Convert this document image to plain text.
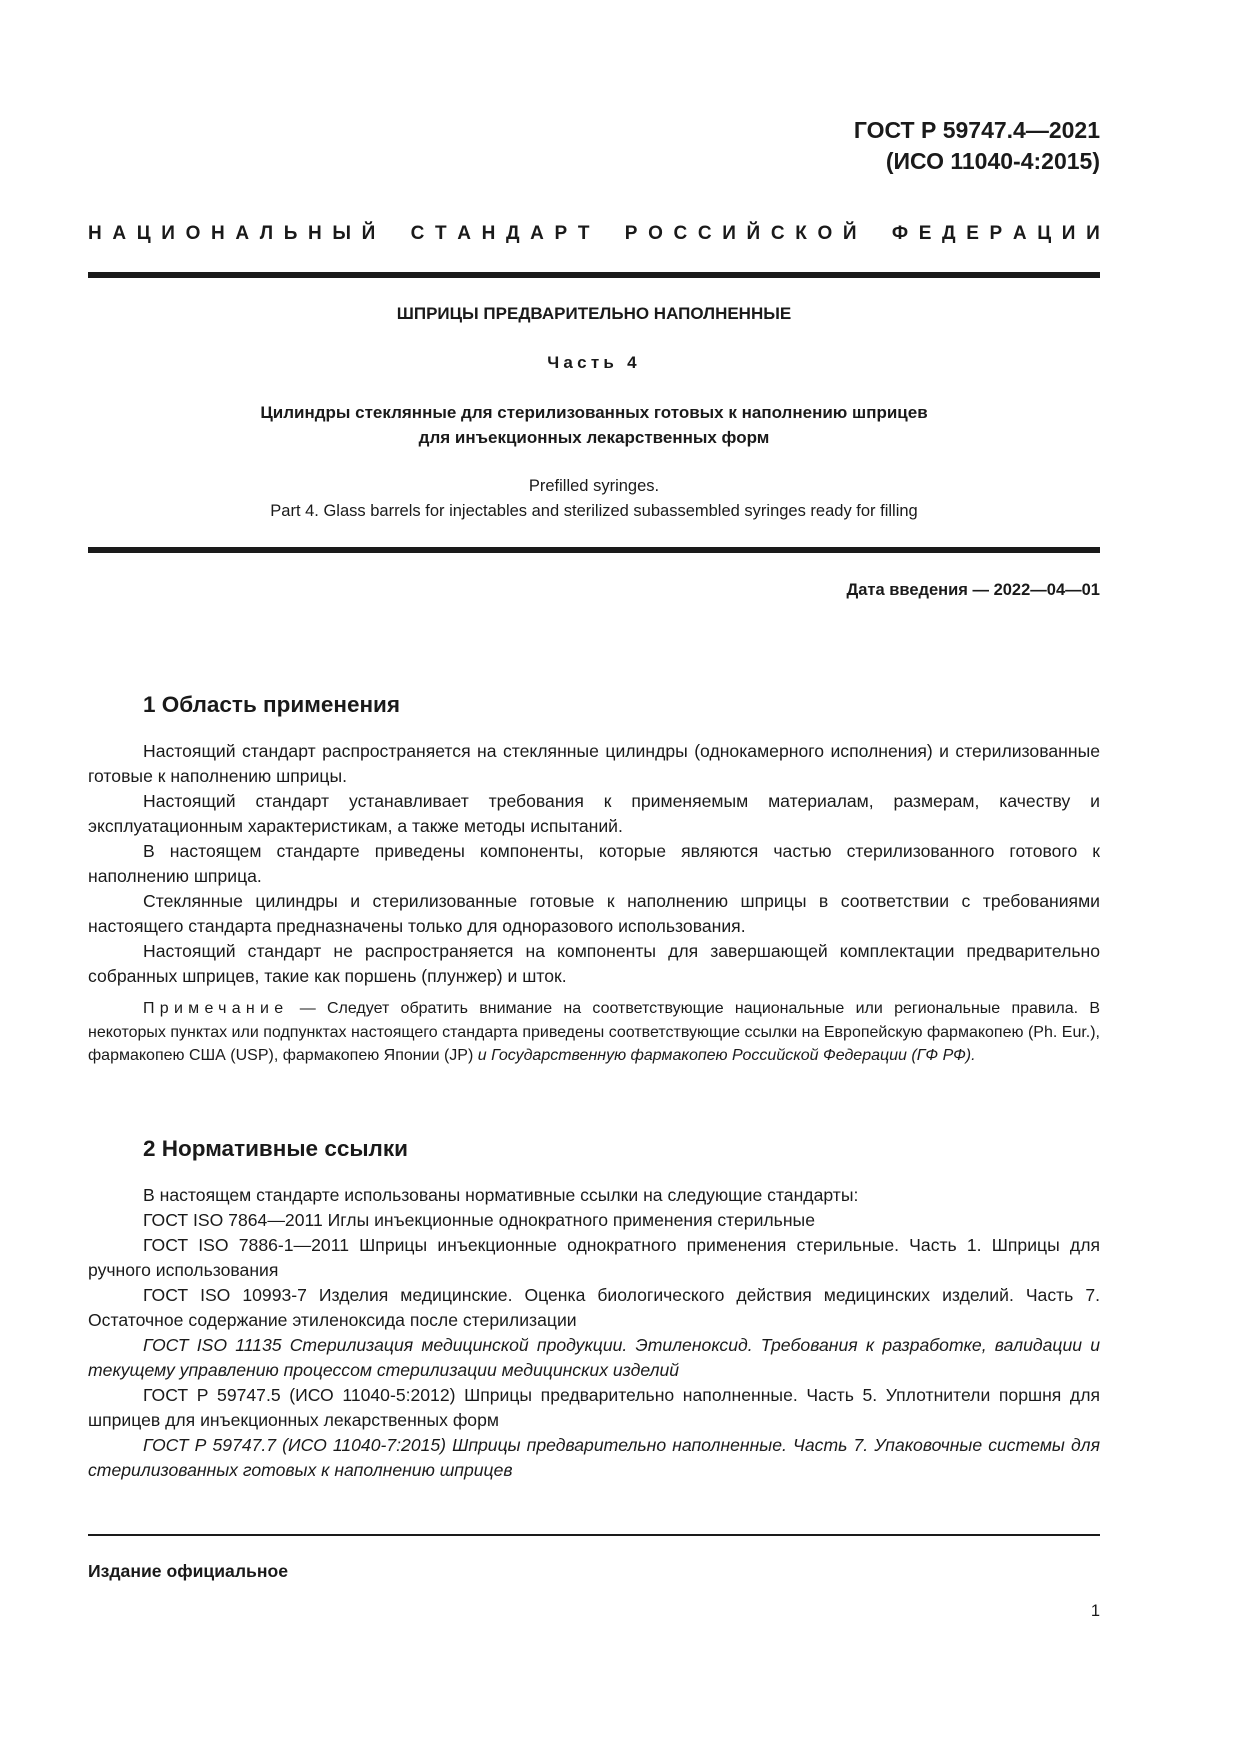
ГОСТ Р 59747.4—2021
(ИСО 11040-4:2015)
Н А Ц И О Н А Л Ь Н Ы Й С Т А Н Д А Р Т Р О С С И Й С К О Й Ф Е Д Е Р А Ц И И

ШПРИЦЫ ПРЕДВАРИТЕЛЬНО НАПОЛНЕННЫЕ

Часть 4

Цилиндры стеклянные для стерилизованных готовых к наполнению шприцев
для инъекционных лекарственных форм

Prefilled syringes.
Part 4. Glass barrels for injectables and sterilized subassembled syringes ready for filling

Дата введения — 2022—04—01

1 Область применения

Настоящий стандарт распространяется на стеклянные цилиндры (однокамерного исполнения) и стерилизованные готовые к наполнению шприцы.

Настоящий стандарт устанавливает требования к применяемым материалам, размерам, качеству и эксплуатационным характеристикам, а также методы испытаний.

В настоящем стандарте приведены компоненты, которые являются частью стерилизованного готового к наполнению шприца.

Стеклянные цилиндры и стерилизованные готовые к наполнению шприцы в соответствии с требованиями настоящего стандарта предназначены только для одноразового использования.

Настоящий стандарт не распространяется на компоненты для завершающей комплектации предварительно собранных шприцев, такие как поршень (плунжер) и шток.

Примечание — Следует обратить внимание на соответствующие национальные или региональные правила. В некоторых пунктах или подпунктах настоящего стандарта приведены соответствующие ссылки на Европейскую фармакопею (Ph. Eur.), фармакопею США (USP), фармакопею Японии (JP) и Государственную фармакопею Российской Федерации (ГФ РФ).

2 Нормативные ссылки

В настоящем стандарте использованы нормативные ссылки на следующие стандарты:

ГОСТ ISO 7864—2011 Иглы инъекционные однократного применения стерильные

ГОСТ ISO 7886-1—2011 Шприцы инъекционные однократного применения стерильные. Часть 1. Шприцы для ручного использования

ГОСТ ISO 10993-7 Изделия медицинские. Оценка биологического действия медицинских изделий. Часть 7. Остаточное содержание этиленоксида после стерилизации

ГОСТ ISO 11135 Стерилизация медицинской продукции. Этиленоксид. Требования к разработке, валидации и текущему управлению процессом стерилизации медицинских изделий

ГОСТ Р 59747.5 (ИСО 11040-5:2012) Шприцы предварительно наполненные. Часть 5. Уплотнители поршня для шприцев для инъекционных лекарственных форм

ГОСТ Р 59747.7 (ИСО 11040-7:2015) Шприцы предварительно наполненные. Часть 7. Упаковочные системы для стерилизованных готовых к наполнению шприцев

Издание официальное

1
